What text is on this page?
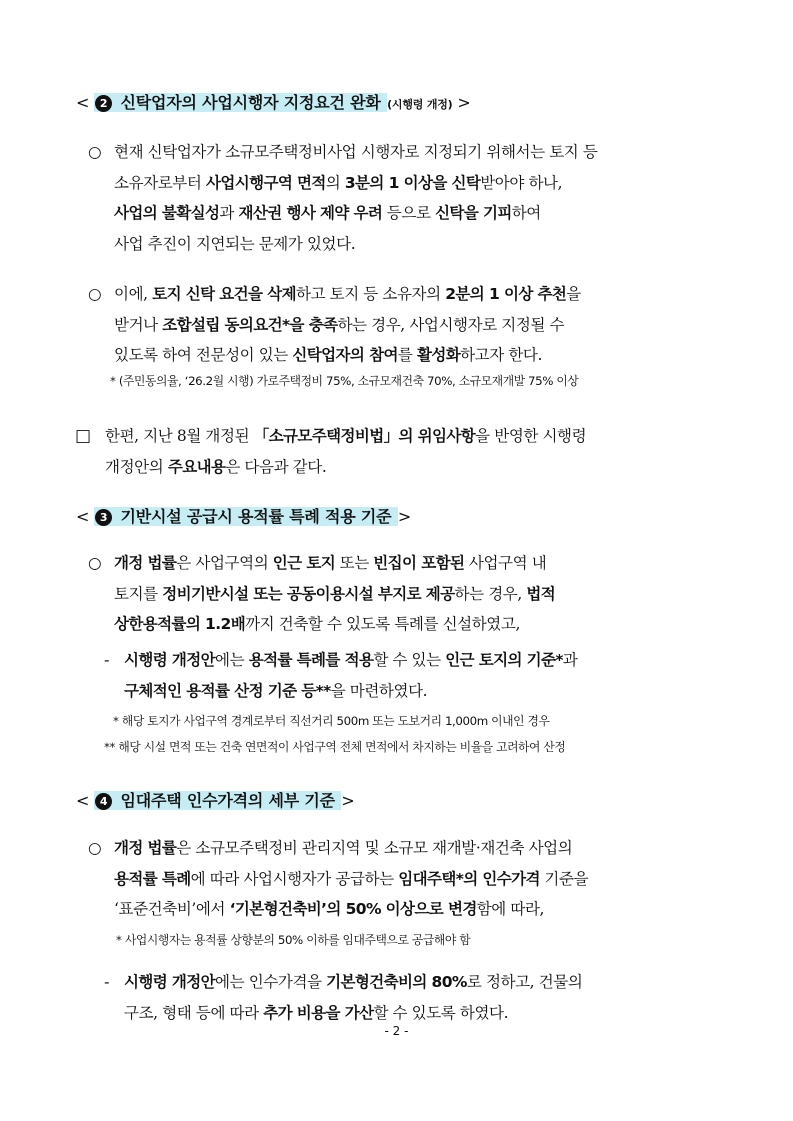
< 2 신탁업자의 사업시행자 지정요건 완화 (시행령 개정) >
○ 현재 신탁업자가 소규모주택정비사업 시행자로 지정되기 위해서는 토지 등
소유자로부터 사업시행구역 면적의 3분의 1 이상을 신탁받아야 하나,
사업의 불확실성과 재산권 행사 제약 우려 등으로 신탁을 기피하여
사업 추진이 지연되는 문제가 있었다.
○ 이에, 토지 신탁 요건을 삭제하고 토지 등 소유자의 2분의 1 이상 추천을
받거나 조합설립 동의요건*을 충족하는 경우, 사업시행자로 지정될 수
있도록 하여 전문성이 있는 신탁업자의 참여를 활성화하고자 한다.
* (주민동의율, ‘26.2월 시행) 가로주택정비 75%, 소규모재건축 70%, 소규모재개발 75% 이상
□ 한편, 지난 8월 개정된 「소규모주택정비법」의 위임사항을 반영한 시행령
개정안의 주요내용은 다음과 같다.
< 3 기반시설 공급시 용적률 특례 적용 기준 >
○ 개정 법률은 사업구역의 인근 토지 또는 빈집이 포함된 사업구역 내
토지를 정비기반시설 또는 공동이용시설 부지로 제공하는 경우, 법적
상한용적률의 1.2배까지 건축할 수 있도록 특례를 신설하였고,
- 시행령 개정안에는 용적률 특례를 적용할 수 있는 인근 토지의 기준*과
구체적인 용적률 산정 기준 등**을 마련하였다.
* 해당 토지가 사업구역 경계로부터 직선거리 500m 또는 도보거리 1,000m 이내인 경우
** 해당 시설 면적 또는 건축 연면적이 사업구역 전체 면적에서 차지하는 비율을 고려하여 산정
< 4 임대주택 인수가격의 세부 기준 >
○ 개정 법률은 소규모주택정비 관리지역 및 소규모 재개발·재건축 사업의
용적률 특례에 따라 사업시행자가 공급하는 임대주택*의 인수가격 기준을
‘표준건축비’에서 ‘기본형건축비’의 50% 이상으로 변경함에 따라,
* 사업시행자는 용적률 상향분의 50% 이하를 임대주택으로 공급해야 함
- 시행령 개정안에는 인수가격을 기본형건축비의 80%로 정하고, 건물의
구조, 형태 등에 따라 추가 비용을 가산할 수 있도록 하였다.
- 2 -
